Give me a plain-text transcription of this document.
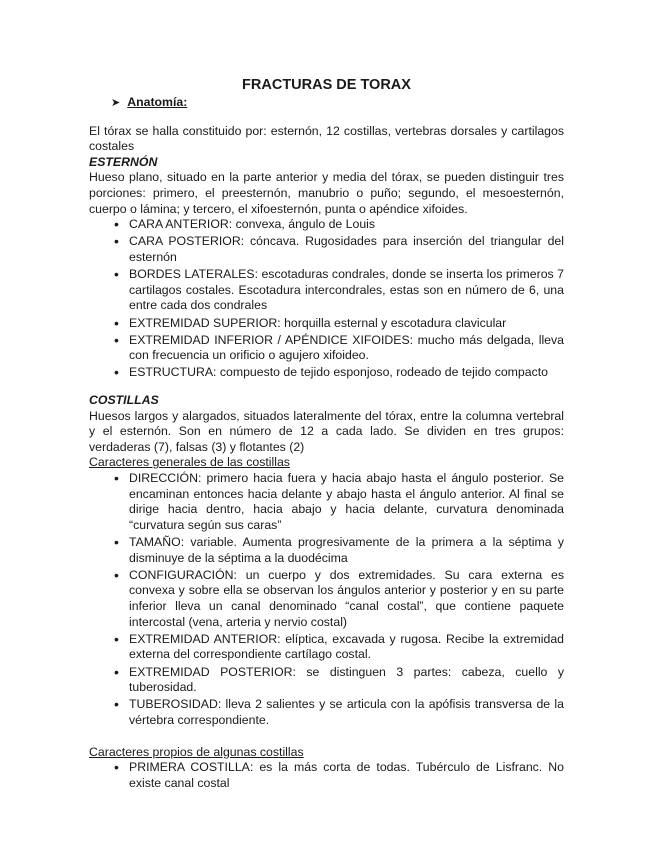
FRACTURAS DE TORAX
➤ Anatomía:

El tórax se halla constituido por: esternón, 12 costillas, vertebras dorsales y cartilagos costales

ESTERNÓN

Hueso plano, situado en la parte anterior y media del tórax, se pueden distinguir tres porciones: primero, el preesternón, manubrio o puño; segundo, el mesoesternón, cuerpo o lámina; y tercero, el xifoesternón, punta o apéndice xifoides.

• CARA ANTERIOR: convexa, ángulo de Louis
• CARA POSTERIOR: cóncava. Rugosidades para inserción del triangular del esternón
• BORDES LATERALES: escotaduras condrales, donde se inserta los primeros 7 cartilagos costales. Escotadura intercondrales, estas son en número de 6, una entre cada dos condrales
• EXTREMIDAD SUPERIOR: horquilla esternal y escotadura clavicular
• EXTREMIDAD INFERIOR / APÉNDICE XIFOIDES: mucho más delgada, lleva con frecuencia un orificio o agujero xifoideo.
• ESTRUCTURA: compuesto de tejido esponjoso, rodeado de tejido compacto
COSTILLAS

Huesos largos y alargados, situados lateralmente del tórax, entre la columna vertebral y el esternón. Son en número de 12 a cada lado. Se dividen en tres grupos: verdaderas (7), falsas (3) y flotantes (2)

Caracteres generales de las costillas
• DIRECCIÓN: primero hacia fuera y hacia abajo hasta el ángulo posterior. Se encaminan entonces hacia delante y abajo hasta el ángulo anterior. Al final se dirige hacia dentro, hacia abajo y hacia delante, curvatura denominada “curvatura según sus caras”
• TAMAÑO: variable. Aumenta progresivamente de la primera a la séptima y disminuye de la séptima a la duodécima
• CONFIGURACIÓN: un cuerpo y dos extremidades. Su cara externa es convexa y sobre ella se observan los ángulos anterior y posterior y en su parte inferior lleva un canal denominado “canal costal”, que contiene paquete intercostal (vena, arteria y nervio costal)
• EXTREMIDAD ANTERIOR: elíptica, excavada y rugosa. Recibe la extremidad externa del correspondiente cartílago costal.
• EXTREMIDAD POSTERIOR: se distinguen 3 partes: cabeza, cuello y tuberosidad.
• TUBEROSIDAD: lleva 2 salientes y se articula con la apófisis transversa de la vértebra correspondiente.
Caracteres propios de algunas costillas
• PRIMERA COSTILLA: es la más corta de todas. Tubérculo de Lisfranc. No existe canal costal
